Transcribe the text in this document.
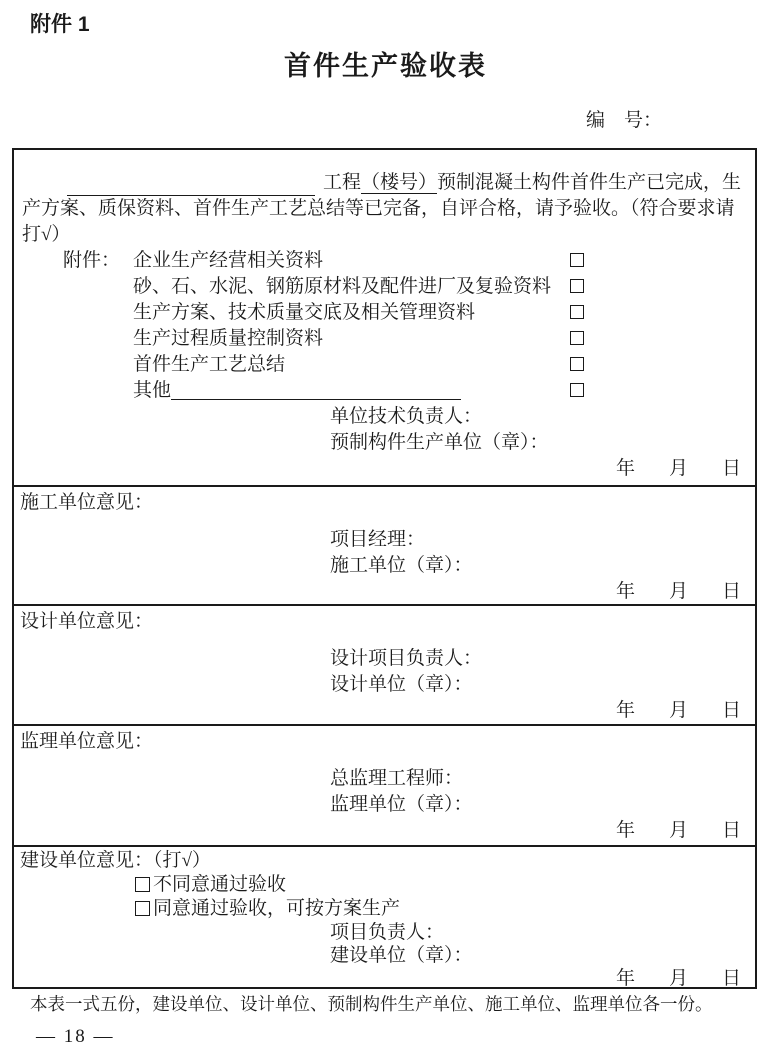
附件 1
首件生产验收表
编　号：
工程（楼号）预制混凝土构件首件生产已完成，生
产方案、质保资料、首件生产工艺总结等已完备，自评合格，请予验收。（符合要求请
打√）
附件： 企业生产经营相关资料
砂、石、水泥、钢筋原材料及配件进厂及复验资料
生产方案、技术质量交底及相关管理资料
生产过程质量控制资料
首件生产工艺总结
其他
单位技术负责人：
预制构件生产单位（章）：
年 月 日
施工单位意见：
项目经理：
施工单位（章）：
年 月 日
设计单位意见：
设计项目负责人：
设计单位（章）：
年 月 日
监理单位意见：
总监理工程师：
监理单位（章）：
年 月 日
建设单位意见：（打√）
不同意通过验收
同意通过验收，可按方案生产
项目负责人：
建设单位（章）：
年 月 日
本表一式五份，建设单位、设计单位、预制构件生产单位、施工单位、监理单位各一份。
— 18 —
